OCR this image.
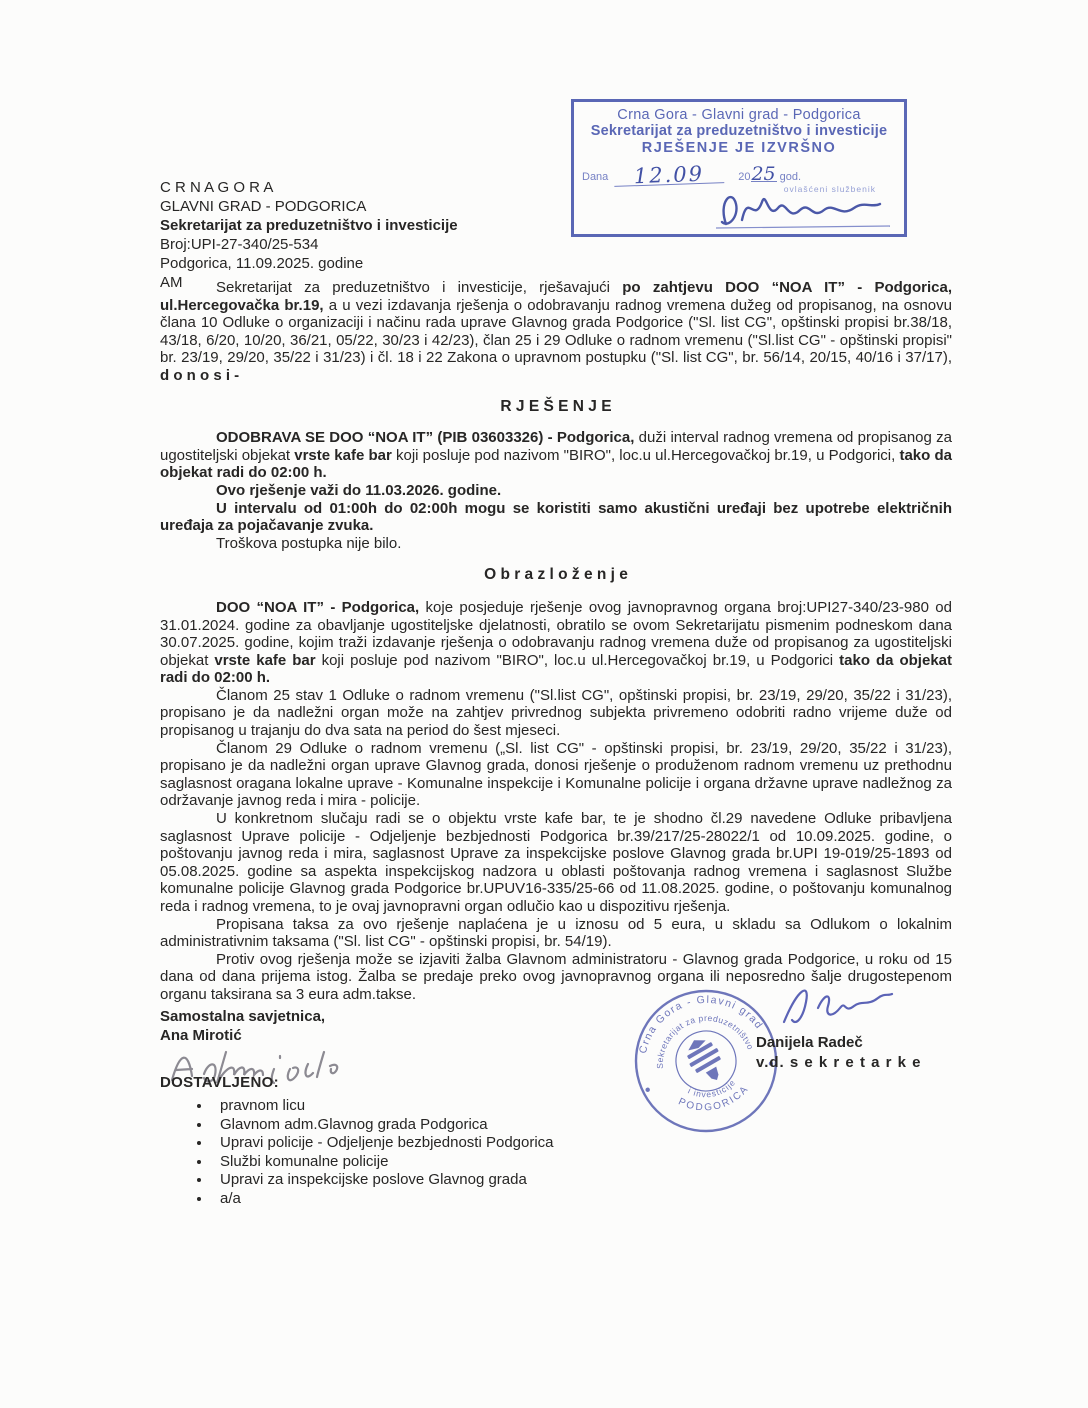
Crna Gora - Glavni grad - Podgorica
Sekretarijat za preduzetništvo i investicije
RJEŠENJE JE IZVRŠNO
Dana	12.09	2025 god.
ovlašćeni službenik
C R N A G O R A
GLAVNI GRAD - PODGORICA
Sekretarijat za preduzetništvo i investicije
Broj:UPI-27-340/25-534
Podgorica, 11.09.2025. godine
AM	Sekretarijat za preduzetništvo i investicije, rješavajući po zahtjevu DOO “NOA IT” - Podgorica, ul.Hercegovačka br.19, a u vezi izdavanja rješenja o odobravanju radnog vremena dužeg od propisanog, na osnovu člana 10 Odluke o organizaciji i načinu rada uprave Glavnog grada Podgorice ("Sl. list CG", opštinski propisi br.38/18, 43/18, 6/20, 10/20, 36/21, 05/22, 30/23 i 42/23), član 25 i 29 Odluke o radnom vremenu ("Sl.list CG" - opštinski propisi" br. 23/19, 29/20, 35/22 i 31/23) i čl. 18 i 22 Zakona o upravnom postupku ("Sl. list CG", br. 56/14, 20/15, 40/16 i 37/17), d o n o s i -

R J E Š E N J E

ODOBRAVA SE DOO “NOA IT” (PIB 03603326) - Podgorica, duži interval radnog vremena od propisanog za ugostiteljski objekat vrste kafe bar koji posluje pod nazivom "BIRO", loc.u ul.Hercegovačkoj br.19, u Podgorici, tako da objekat radi do 02:00 h.

Ovo rješenje važi do 11.03.2026. godine.

U intervalu od 01:00h do 02:00h mogu se koristiti samo akustični uređaji bez upotrebe električnih uređaja za pojačavanje zvuka.

Troškova postupka nije bilo.

O b r a z l o ž e n j e

DOO “NOA IT” - Podgorica, koje posjeduje rješenje ovog javnopravnog organa broj:UPI27-340/23-980 od 31.01.2024. godine za obavljanje ugostiteljske djelatnosti, obratilo se ovom Sekretarijatu pismenim podneskom dana 30.07.2025. godine, kojim traži izdavanje rješenja o odobravanju radnog vremena duže od propisanog za ugostiteljski objekat vrste kafe bar koji posluje pod nazivom "BIRO", loc.u ul.Hercegovačkoj br.19, u Podgorici tako da objekat radi do 02:00 h.

Članom 25 stav 1 Odluke o radnom vremenu ("Sl.list CG", opštinski propisi, br. 23/19, 29/20, 35/22 i 31/23), propisano je da nadležni organ može na zahtjev privrednog subjekta privremeno odobriti radno vrijeme duže od propisanog u trajanju do dva sata na period do šest mjeseci.

Članom 29 Odluke o radnom vremenu („Sl. list CG" - opštinski propisi, br. 23/19, 29/20, 35/22 i 31/23), propisano je da nadležni organ uprave Glavnog grada, donosi rješenje o produženom radnom vremenu uz prethodnu saglasnost oragana lokalne uprave - Komunalne inspekcije i Komunalne policije i organa državne uprave nadležnog za održavanje javnog reda i mira - policije.

U konkretnom slučaju radi se o objektu vrste kafe bar, te je shodno čl.29 navedene Odluke pribavljena saglasnost Uprave policije - Odjeljenje bezbjednosti Podgorica br.39/217/25-28022/1 od 10.09.2025. godine, o poštovanju javnog reda i mira, saglasnost Uprave za inspekcijske poslove Glavnog grada br.UPI 19-019/25-1893 od 05.08.2025. godine sa aspekta inspekcijskog nadzora u oblasti poštovanja radnog vremena i saglasnost Službe komunalne policije Glavnog grada Podgorice br.UPUV16-335/25-66 od 11.08.2025. godine, o poštovanju komunalnog reda i radnog vremena, to je ovaj javnopravni organ odlučio kao u dispozitivu rješenja.

Propisana taksa za ovo rješenje naplaćena je u iznosu od 5 eura, u skladu sa Odlukom o lokalnim administrativnim taksama ("Sl. list CG" - opštinski propisi, br. 54/19).

Protiv ovog rješenja može se izjaviti žalba Glavnom administratoru - Glavnog grada Podgorice, u roku od 15 dana od dana prijema istog. Žalba se predaje preko ovog javnopravnog organa ili neposredno šalje drugostepenom organu taksirana sa 3 eura adm.takse.

Samostalna savjetnica,
Ana Mirotić
Crna Gora - Glavni grad
Sekretarijat za preduzetništvo
i investicije
PODGORICA
Danijela Radeč
v.d. s e k r e t a r k e
DOSTAVLJENO:
• pravnom licu
• Glavnom adm.Glavnog grada Podgorica
• Upravi policije - Odjeljenje bezbjednosti Podgorica
• Službi komunalne policije
• Upravi za inspekcijske poslove Glavnog grada
• a/a
